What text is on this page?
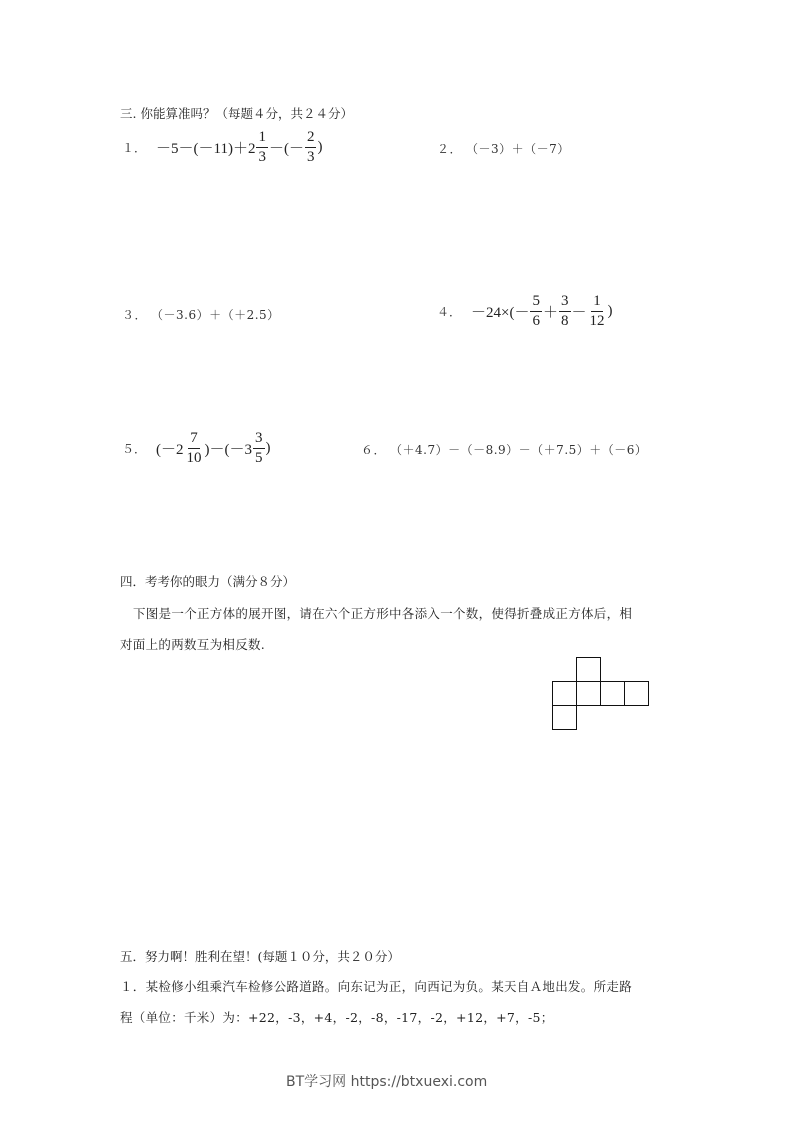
三. 你能算准吗？（每题４分，共２４分）
１． $-5-(-11)+2 \frac{1}{3}$ －(－ $\frac{2}{3}$ )	２． （－3）＋（－7）
３． （－3.6）＋（＋2.5）	４． $-24\times(- \frac{5}{6} + \frac{3}{8} - \frac{1}{12}$ )
５． $(-2 \frac{7}{10} )-(-3 \frac{3}{5}$ )	６． （＋4.7）－（－8.9）－（＋7.5）＋（－6）
四．考考你的眼力（满分８分）
下图是一个正方体的展开图，请在六个正方形中各添入一个数，使得折叠成正方体后，相
对面上的两数互为相反数.
五．努力啊！胜利在望！(每题１０分，共２０分）
１．某检修小组乘汽车检修公路道路。向东记为正，向西记为负。某天自Ａ地出发。所走路
程（单位：千米）为：+22，-3，+4，-2，-8，-17，-2，+12，+7，-5；
BT学习网 https://btxuexi.com
